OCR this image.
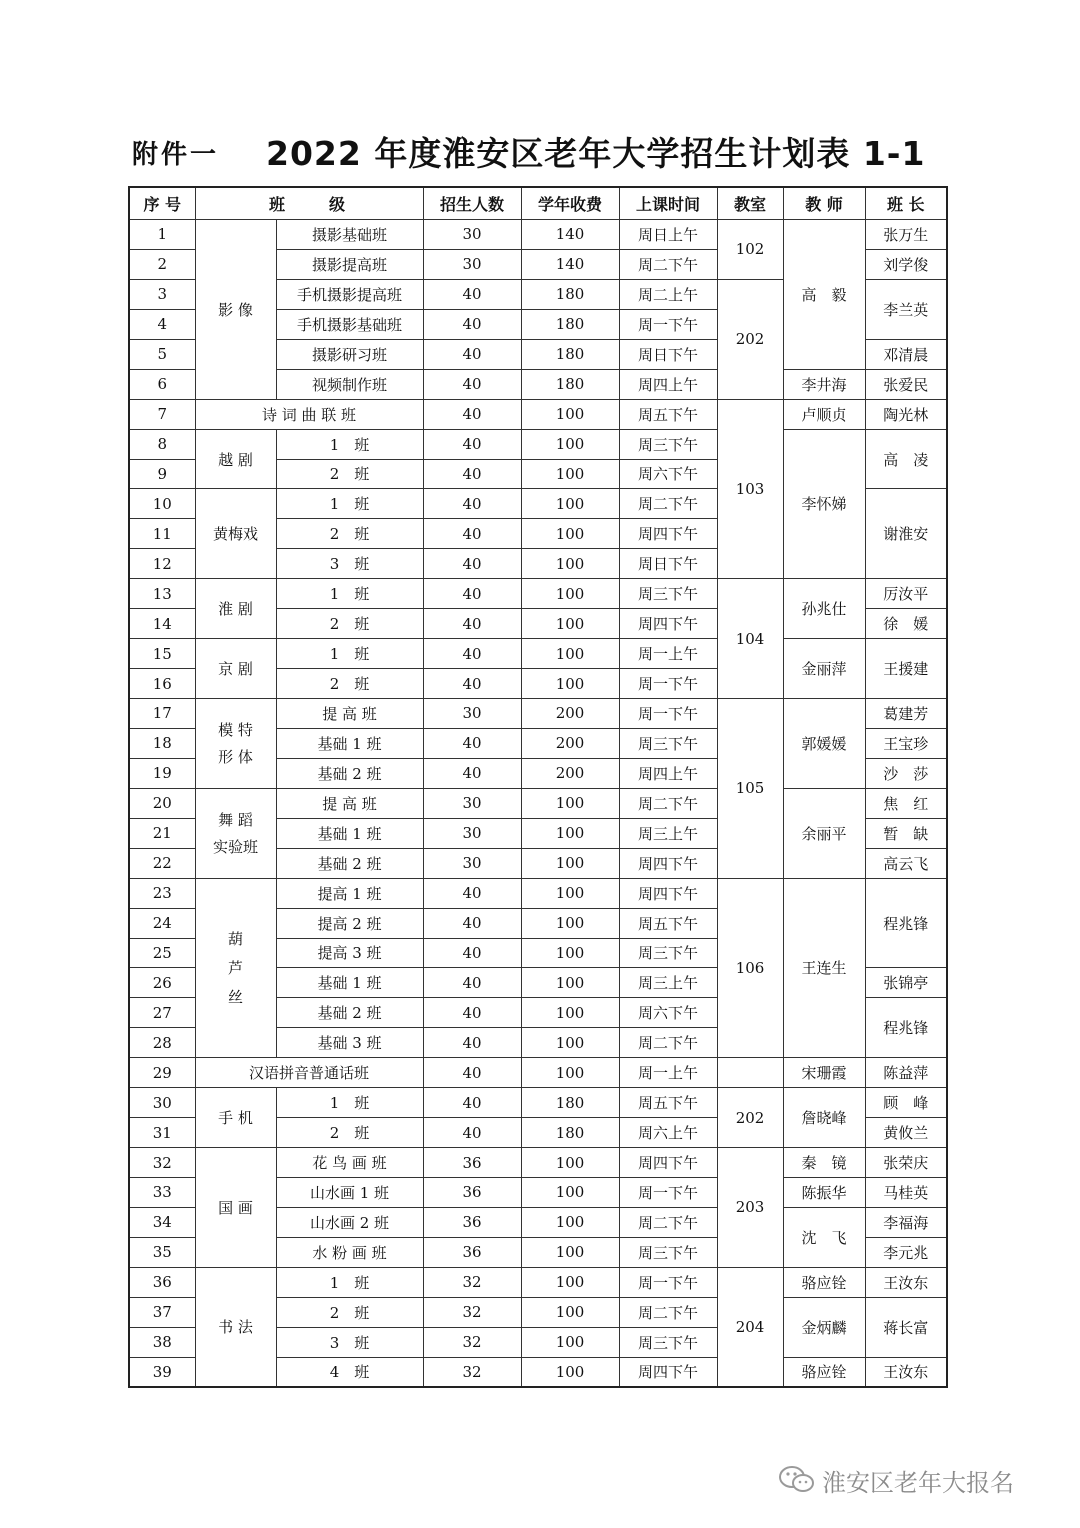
附件一 2022 年度淮安区老年大学招生计划表 1-1
序 号	班　　级		招生人数	学年收费	上课时间	教室	教 师	班 长
1	影 像	摄影基础班	30	140	周日上午	102	高　毅	张万生
2		摄影提高班	30	140	周二下午			刘学俊
3		手机摄影提高班	40	180	周二上午	202		李兰英
4		手机摄影基础班	40	180	周一下午			
5		摄影研习班	40	180	周日下午			邓清晨
6		视频制作班	40	180	周四上午		李井海	张爱民
7	诗 词 曲 联 班		40	100	周五下午	103	卢顺贞	陶光林
8	越 剧	1　班	40	100	周三下午		李怀娣	高　凌
9		2　班	40	100	周六下午			
10	黄梅戏	1　班	40	100	周二下午			谢淮安
11		2　班	40	100	周四下午			
12		3　班	40	100	周日下午			
13	淮 剧	1　班	40	100	周三下午	104	孙兆仕	厉汝平
14		2　班	40	100	周四下午			徐　媛
15	京 剧	1　班	40	100	周一上午		金丽萍	王援建
16		2　班	40	100	周一下午			
17	模 特
形 体	提 高 班	30	200	周一下午	105	郭媛媛	葛建芳
18		基础 1 班	40	200	周三下午			王宝珍
19		基础 2 班	40	200	周四上午			沙　莎
20	舞 蹈
实验班	提 高 班	30	100	周二下午		余丽平	焦　红
21		基础 1 班	30	100	周三上午			暂　缺
22		基础 2 班	30	100	周四下午			高云飞
23	葫
芦
丝	提高 1 班	40	100	周四下午	106	王连生	程兆锋
24		提高 2 班	40	100	周五下午			
25		提高 3 班	40	100	周三下午			
26		基础 1 班	40	100	周三上午			张锦亭
27		基础 2 班	40	100	周六下午			程兆锋
28		基础 3 班	40	100	周二下午			
29	汉语拼音普通话班		40	100	周一上午		宋珊霞	陈益萍
30	手 机	1　班	40	180	周五下午	202	詹晓峰	顾　峰
31		2　班	40	180	周六上午			黄攸兰
32	国 画	花 鸟 画 班	36	100	周四下午	203	秦　镜	张荣庆
33		山水画 1 班	36	100	周一下午		陈振华	马桂英
34		山水画 2 班	36	100	周二下午		沈　飞	李福海
35		水 粉 画 班	36	100	周三下午			李元兆
36	书 法	1　班	32	100	周一下午	204	骆应铨	王汝东
37		2　班	32	100	周二下午		金炳麟	蒋长富
38		3　班	32	100	周三下午			
39		4　班	32	100	周四下午		骆应铨	王汝东
淮安区老年大报名
